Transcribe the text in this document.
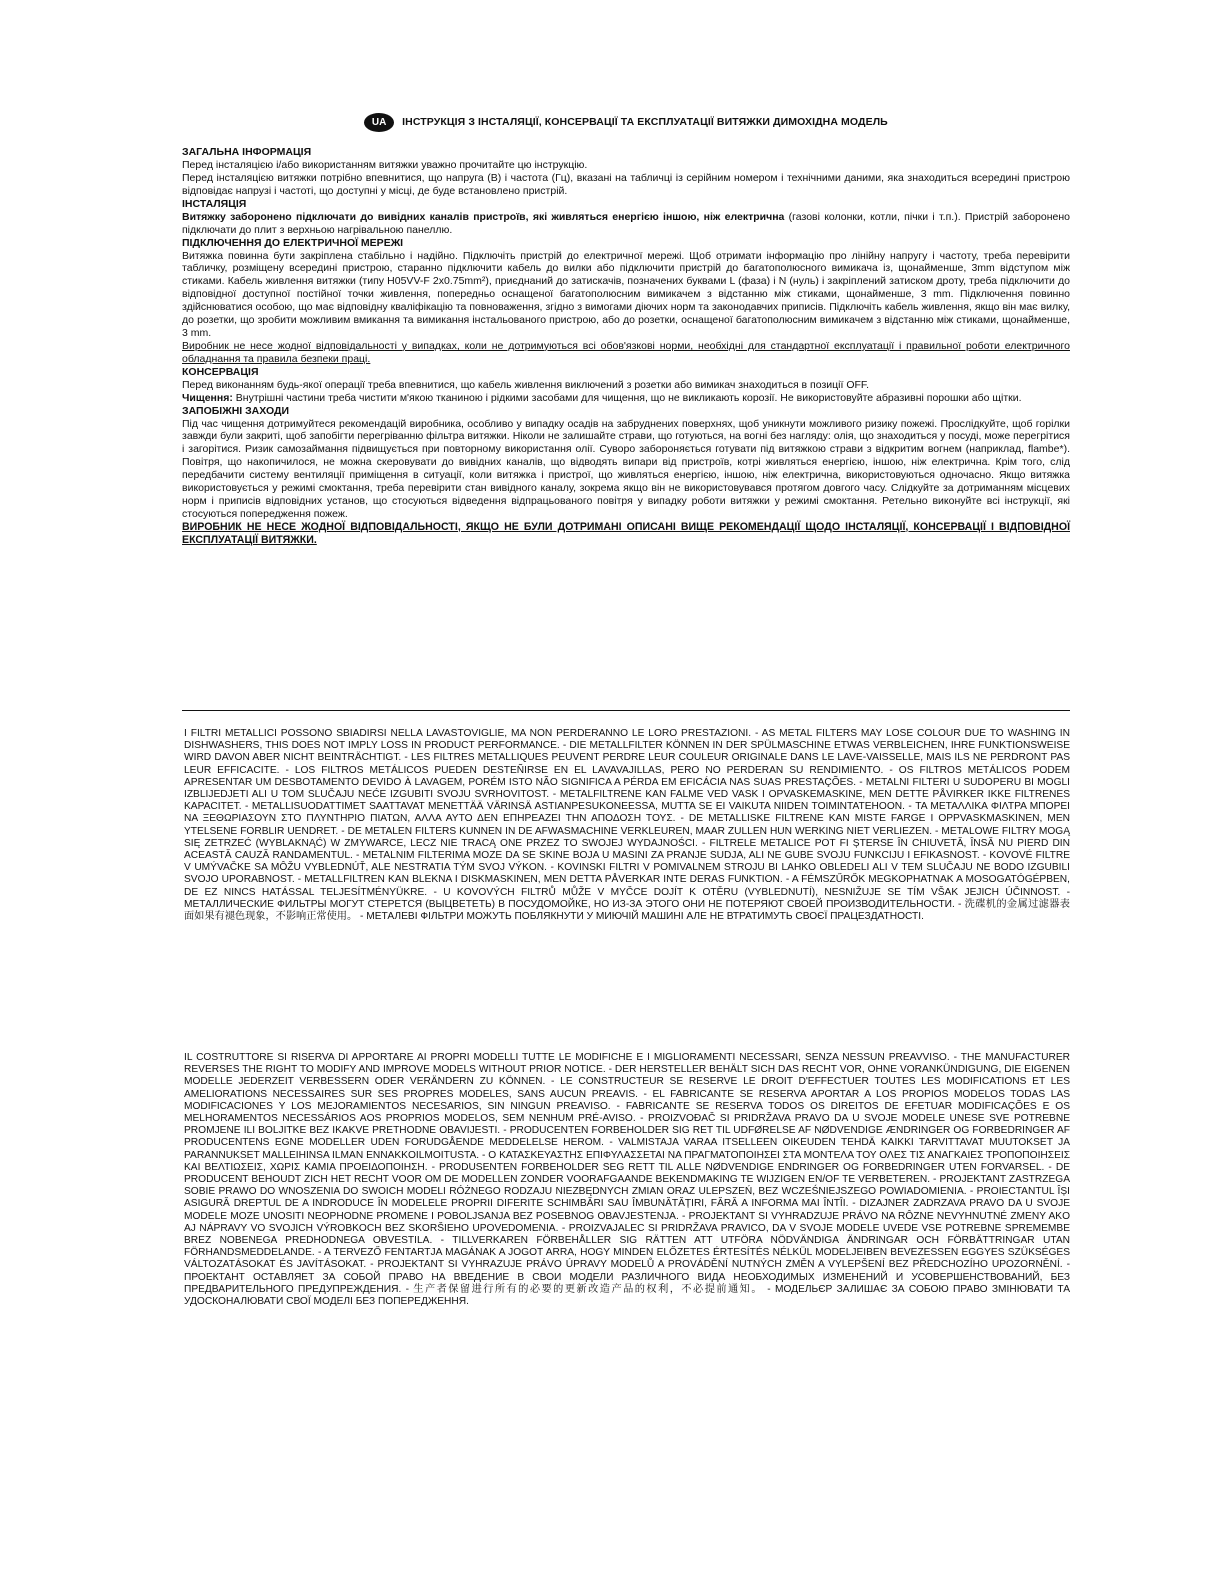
UA	ІНСТРУКЦІЯ З ІНСТАЛЯЦІЇ, КОНСЕРВАЦІЇ ТА ЕКСПЛУАТАЦІЇ ВИТЯЖКИ ДИМОХІДНА МОДЕЛЬ

ЗАГАЛЬНА ІНФОРМАЦІЯ

Перед інсталяцією і/або використанням витяжки уважно прочитайте цю інструкцію.

Перед інсталяцією витяжки потрібно впевнитися, що напруга (В) і частота (Гц), вказані на табличці із серійним номером і технічними даними, яка знаходиться всередині пристрою відповідає напрузі і частоті, що доступні у місці, де буде встановлено пристрій.

ІНСТАЛЯЦІЯ

Витяжку заборонено підключати до вивідних каналів пристроїв, які живляться енергією іншою, ніж електрична (газові колонки, котли, пічки і т.п.). Пристрій заборонено підключати до плит з верхньою нагрівальною панеллю.

ПІДКЛЮЧЕННЯ ДО ЕЛЕКТРИЧНОЇ МЕРЕЖІ

Витяжка повинна бути закріплена стабільно і надійно. Підключіть пристрій до електричної мережі. Щоб отримати інформацію про лінійну напругу і частоту, треба перевірити табличку, розміщену всередині пристрою, старанно підключити кабель до вилки або підключити пристрій до багатополюсного вимикача із, щонайменше, 3mm відступом між стиками. Кабель живлення витяжки (типу H05VV-F 2x0.75mm²), приєднаний до затискачів, позначених буквами L (фаза) і N (нуль) і закріплений затиском дроту, треба підключити до відповідної доступної постійної точки живлення, попередньо оснащеної багатополюсним вимикачем з відстанню між стиками, щонайменше, 3 mm. Підключення повинно здійснюватися особою, що має відповідну кваліфікацію та повноваження, згідно з вимогами діючих норм та законодавчих приписів. Підключіть кабель живлення, якщо він має вилку, до розетки, що зробити можливим вмикання та вимикання інстальованого пристрою, або до розетки, оснащеної багатополюсним вимикачем з відстанню між стиками, щонайменше, 3 mm.

Виробник не несе жодної відповідальності у випадках, коли не дотримуються всі обов'язкові норми, необхідні для стандартної експлуатації і правильної роботи електричного обладнання та правила безпеки праці.

КОНСЕРВАЦІЯ

Перед виконанням будь-якої операції треба впевнитися, що кабель живлення виключений з розетки або вимикач знаходиться в позиції OFF.

Чищення: Внутрішні частини треба чистити м'якою тканиною і рідкими засобами для чищення, що не викликають корозії. Не використовуйте абразивні порошки або щітки.

ЗАПОБІЖНІ ЗАХОДИ

Під час чищення дотримуйтеся рекомендацій виробника, особливо у випадку осадів на забруднених поверхнях, щоб уникнути можливого ризику пожежі. Прослідкуйте, щоб горілки завжди були закриті, щоб запобігти перегріванню фільтра витяжки. Ніколи не залишайте страви, що готуються, на вогні без нагляду: олія, що знаходиться у посуді, може перегрітися і загорітися. Ризик самозаймання підвищується при повторному використання олії. Суворо забороняється готувати під витяжкою страви з відкритим вогнем (наприклад, flambe*). Повітря, що накопичилося, не можна скеровувати до вивідних каналів, що відводять випари від пристроїв, котрі живляться енергією, іншою, ніж електрична. Крім того, слід передбачити систему вентиляції приміщення в ситуації, коли витяжка і пристрої, що живляться енергією, іншою, ніж електрична, використовуються одночасно. Якщо витяжка використовується у режимі смоктання, треба перевірити стан вивідного каналу, зокрема якщо він не використовувався протягом довгого часу. Слідкуйте за дотриманням місцевих норм і приписів відповідних установ, що стосуються відведення відпрацьованого повітря у випадку роботи витяжки у режимі смоктання. Ретельно виконуйте всі інструкції, які стосуються попередження пожеж.

ВИРОБНИК НЕ НЕСЕ ЖОДНОЇ ВІДПОВІДАЛЬНОСТІ, ЯКЩО НЕ БУЛИ ДОТРИМАНІ ОПИСАНІ ВИЩЕ РЕКОМЕНДАЦІЇ ЩОДО ІНСТАЛЯЦІЇ, КОНСЕРВАЦІЇ І ВІДПОВІДНОЇ ЕКСПЛУАТАЦІЇ ВИТЯЖКИ.

I FILTRI METALLICI POSSONO SBIADIRSI NELLA LAVASTOVIGLIE, MA NON PERDERANNO LE LORO PRESTAZIONI. - AS METAL FILTERS MAY LOSE COLOUR DUE TO WASHING IN DISHWASHERS, THIS DOES NOT IMPLY LOSS IN PRODUCT PERFORMANCE. - DIE METALLFILTER KÖNNEN IN DER SPÜLMASCHINE ETWAS VERBLEICHEN, IHRE FUNKTIONSWEISE WIRD DAVON ABER NICHT BEINTRÄCHTIGT. - LES FILTRES METALLIQUES PEUVENT PERDRE LEUR COULEUR ORIGINALE DANS LE LAVE-VAISSELLE, MAIS ILS NE PERDRONT PAS LEUR EFFICACITE. - LOS FILTROS METÁLICOS PUEDEN DESTEÑIRSE EN EL LAVAVAJILLAS, PERO NO PERDERAN SU RENDIMIENTO. - OS FILTROS METÁLICOS PODEM APRESENTAR UM DESBOTAMENTO DEVIDO À LAVAGEM, PORÉM ISTO NÃO SIGNIFICA A PÉRDA EM EFICÁCIA NAS SUAS PRESTAÇÕES. - METALNI FILTERI U SUDOPERU BI MOGLI IZBLIJEDJETI ALI U TOM SLUČAJU NEĆE IZGUBITI SVOJU SVRHOVITOST. - METALFILTRENE KAN FALME VED VASK I OPVASKEMASKINE, MEN DETTE PÅVIRKER IKKE FILTRENES KAPACITET. - METALLISUODATTIMET SAATTAVAT MENETTÄÄ VÄRINSÄ ASTIANPESUKONEESSA, MUTTA SE EI VAIKUTA NIIDEN TOIMINTATEHOON. - ΤΑ ΜΕΤΑΛΛΙΚΑ ΦΙΛΤΡΑ ΜΠΟΡΕΙ ΝΑ ΞΕΘΩΡΙΑΣΟΥΝ ΣΤΟ ΠΛΥΝΤΗΡΙΟ ΠΙΑΤΩΝ, ΑΛΛΑ ΑΥΤΟ ΔΕΝ ΕΠΗΡΕΑΖΕΙ ΤΗΝ ΑΠΟΔΟΣΗ ΤΟΥΣ. - DE METALLISKE FILTRENE KAN MISTE FARGE I OPPVASKMASKINEN, MEN YTELSENE FORBLIR UENDRET. - DE METALEN FILTERS KUNNEN IN DE AFWASMACHINE VERKLEUREN, MAAR ZULLEN HUN WERKING NIET VERLIEZEN. - METALOWE FILTRY MOGĄ SIĘ ZETRZEĆ (WYBLAKNĄĆ) W ZMYWARCE, LECZ NIE TRACĄ ONE PRZEZ TO SWOJEJ WYDAJNOŚCI. - FILTRELE METALICE POT FI ȘTERSE ÎN CHIUVETĂ, ÎNSĂ NU PIERD DIN ACEASTĂ CAUZĂ RANDAMENTUL. - METALNIM FILTERIMA MOZE DA SE SKINE BOJA U MASINI ZA PRANJE SUDJA, ALI NE GUBE SVOJU FUNKCIJU I EFIKASNOST. - KOVOVÉ FILTRE V UMÝVAČKE SA MÔŽU VYBLEDNÚŤ, ALE NESTRATIA TÝM SVOJ VÝKON. - KOVINSKI FILTRI V POMIVALNEM STROJU BI LAHKO OBLEDELI ALI V TEM SLUČAJU NE BODO IZGUBILI SVOJO UPORABNOST. - METALLFILTREN KAN BLEKNA I DISKMASKINEN, MEN DETTA PÅVERKAR INTE DERAS FUNKTION. - A FÉMSZŰRŐK MEGKOPHATNAK A MOSOGATÓGÉPBEN, DE EZ NINCS HATÁSSAL TELJESÍTMÉNYÜKRE. - U KOVOVÝCH FILTRŮ MŮŽE V MYČCE DOJÍT K OTĚRU (VYBLEDNUTÍ), NESNIŽUJE SE TÍM VŠAK JEJICH ÚČINNOST. - МЕТАЛЛИЧЕСКИЕ ФИЛЬТРЫ МОГУТ СТЕРЕТСЯ (ВЫЦВЕТЕТЬ) В ПОСУДОМОЙКЕ, НО ИЗ-ЗА ЭТОГО ОНИ НЕ ПОТЕРЯЮТ СВОЕЙ ПРОИЗВОДИТЕЛЬНОСТИ. - 洗碟机的金属过滤器表面如果有褪色现象，不影响正常使用。 - МЕТАЛЕВІ ФІЛЬТРИ МОЖУТЬ ПОБЛЯКНУТИ У МИЮЧІЙ МАШИНІ АЛЕ НЕ ВТРАТИМУТЬ СВОЄЇ ПРАЦЕЗДАТНОСТІ.

IL COSTRUTTORE SI RISERVA DI APPORTARE AI PROPRI MODELLI TUTTE LE MODIFICHE E I MIGLIORAMENTI NECESSARI, SENZA NESSUN PREAVVISO. - THE MANUFACTURER REVERSES THE RIGHT TO MODIFY AND IMPROVE MODELS WITHOUT PRIOR NOTICE. - DER HERSTELLER BEHÄLT SICH DAS RECHT VOR, OHNE VORANKÜNDIGUNG, DIE EIGENEN MODELLE JEDERZEIT VERBESSERN ODER VERÄNDERN ZU KÖNNEN. - LE CONSTRUCTEUR SE RESERVE LE DROIT D'EFFECTUER TOUTES LES MODIFICATIONS ET LES AMELIORATIONS NECESSAIRES SUR SES PROPRES MODELES, SANS AUCUN PREAVIS. - EL FABRICANTE SE RESERVA APORTAR A LOS PROPIOS MODELOS TODAS LAS MODIFICACIONES Y LOS MEJORAMIENTOS NECESARIOS, SIN NINGUN PREAVISO. - FABRICANTE SE RESERVA TODOS OS DIREITOS DE EFETUAR MODIFICAÇÕES E OS MELHORAMENTOS NECESSÁRIOS AOS PROPRIOS MODELOS, SEM NENHUM PRÉ-AVISO. - PROIZVOĐAČ SI PRIDRŽAVA PRAVO DA U SVOJE MODELE UNESE SVE POTREBNE PROMJENE ILI BOLJITKE BEZ IKAKVE PRETHODNE OBAVIJESTI. - PRODUCENTEN FORBEHOLDER SIG RET TIL UDFØRELSE AF NØDVENDIGE ÆNDRINGER OG FORBEDRINGER AF PRODUCENTENS EGNE MODELLER UDEN FORUDGÅENDE MEDDELELSE HEROM. - VALMISTAJA VARAA ITSELLEEN OIKEUDEN TEHDÄ KAIKKI TARVITTAVAT MUUTOKSET JA PARANNUKSET MALLEIHINSA ILMAN ENNAKKOILMOITUSTA. - Ο ΚΑΤΑΣΚΕΥΑΣΤΗΣ ΕΠΙΦΥΛΑΣΣΕΤΑΙ ΝΑ ΠΡΑΓΜΑΤΟΠΟΙΗΣΕΙ ΣΤΑ ΜΟΝΤΕΛΑ ΤΟΥ ΟΛΕΣ ΤΙΣ ΑΝΑΓΚΑΙΕΣ ΤΡΟΠΟΠΟΙΗΣΕΙΣ ΚΑΙ ΒΕΛΤΙΩΣΕΙΣ, ΧΩΡΙΣ ΚΑΜΙΑ ΠΡΟΕΙΔΟΠΟΙΗΣΗ. - PRODUSENTEN FORBEHOLDER SEG RETT TIL ALLE NØDVENDIGE ENDRINGER OG FORBEDRINGER UTEN FORVARSEL. - DE PRODUCENT BEHOUDT ZICH HET RECHT VOOR OM DE MODELLEN ZONDER VOORAFGAANDE BEKENDMAKING TE WIJZIGEN EN/OF TE VERBETEREN. - PROJEKTANT ZASTRZEGA SOBIE PRAWO DO WNOSZENIA DO SWOICH MODELI RÓŻNEGO RODZAJU NIEZBĘDNYCH ZMIAN ORAZ ULEPSZEŃ, BEZ WCZEŚNIEJSZEGO POWIADOMIENIA. - PROIECTANTUL ÎȘI ASIGURĂ DREPTUL DE A INDRODUCE ÎN MODELELE PROPRII DIFERITE SCHIMBĂRI SAU ÎMBUNĂTĂȚIRI, FĂRĂ A INFORMA MAI ÎNTÎI. - DIZAJNER ZADRZAVA PRAVO DA U SVOJE MODELE MOZE UNOSITI NEOPHODNE PROMENE I POBOLJSANJA BEZ POSEBNOG OBAVJESTENJA. - PROJEKTANT SI VYHRADZUJE PRÁVO NA RÔZNE NEVYHNUTNÉ ZMENY AKO AJ NÁPRAVY VO SVOJICH VÝROBKOCH BEZ SKORŠIEHO UPOVEDOMENIA. - PROIZVAJALEC SI PRIDRŽAVA PRAVICO, DA V SVOJE MODELE UVEDE VSE POTREBNE SPREMEMBE BREZ NOBENEGA PREDHODNEGA OBVESTILA. - TILLVERKAREN FÖRBEHÅLLER SIG RÄTTEN ATT UTFÖRA NÖDVÄNDIGA ÄNDRINGAR OCH FÖRBÄTTRINGAR UTAN FÖRHANDSMEDDELANDE. - A TERVEZŐ FENTARTJA MAGÁNAK A JOGOT ARRA, HOGY MINDEN ELŐZETES ÉRTESÍTÉS NÉLKÜL MODELJEIBEN BEVEZESSEN EGGYES SZÜKSÉGES VÁLTOZATÁSOKAT ÉS JAVÍTÁSOKAT. - PROJEKTANT SI VYHRAZUJE PRÁVO ÚPRAVY MODELŮ A PROVÁDĚNÍ NUTNÝCH ZMĚN A VYLEPŠENÍ BEZ PŘEDCHOZÍHO UPOZORNĚNÍ. - ПРОЕКТАНТ ОСТАВЛЯЕТ ЗА СОБОЙ ПРАВО НА ВВЕДЕНИЕ В СВОИ МОДЕЛИ РАЗЛИЧНОГО ВИДА НЕОБХОДИМЫХ ИЗМЕНЕНИЙ И УСОВЕРШЕНСТВОВАНИЙ, БЕЗ ПРЕДВАРИТЕЛЬНОГО ПРЕДУПРЕЖДЕНИЯ. - 生产者保留进行所有的必要的更新改造产品的权利，不必提前通知。 - МОДЕЛЬЄР ЗАЛИШАЄ ЗА СОБОЮ ПРАВО ЗМІНЮВАТИ ТА УДОСКОНАЛЮВАТИ СВОЇ МОДЕЛІ БЕЗ ПОПЕРЕДЖЕННЯ.
